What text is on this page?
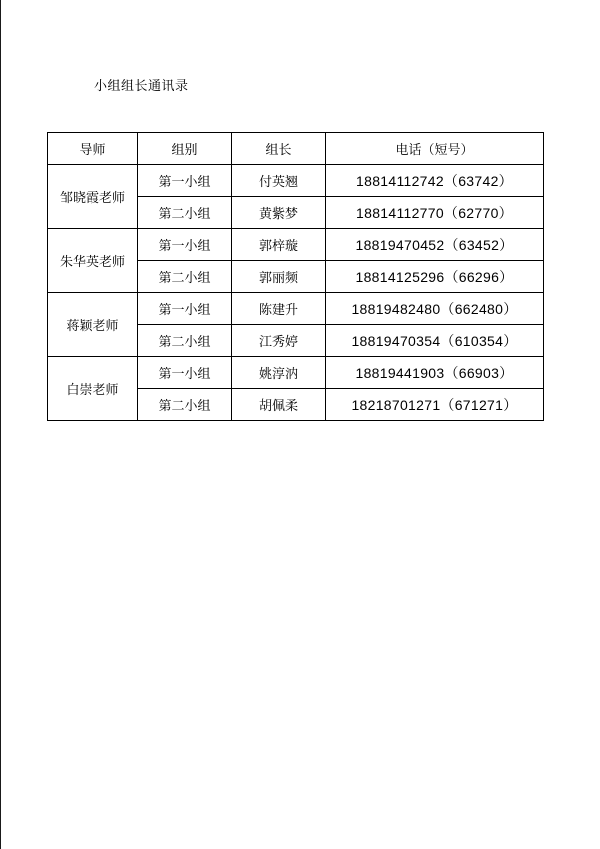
小组组长通讯录
导师	组别	组长	电话（短号）
邹晓霞老师	第一小组	付英翘	18814112742（63742）
	第二小组	黄紫梦	18814112770（62770）
朱华英老师	第一小组	郭梓璇	18819470452（63452）
	第二小组	郭丽频	18814125296（66296）
蒋颖老师	第一小组	陈建升	18819482480（662480）
	第二小组	江秀婷	18819470354（610354）
白崇老师	第一小组	姚淳汭	18819441903（66903）
	第二小组	胡佩柔	18218701271（671271）
